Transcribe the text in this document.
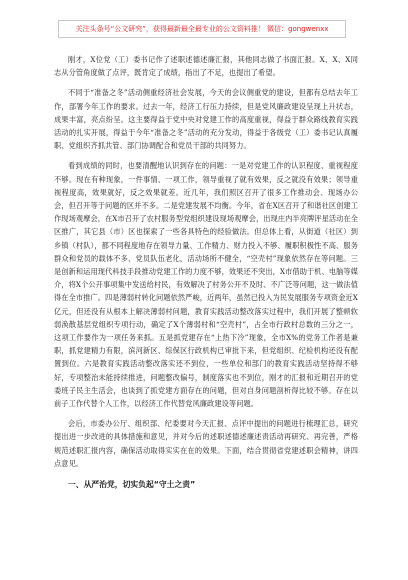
关注头条号“公文研究”，获得最新最全最专业的公文资料推！ 微信：gongwenxx

刚才，X位党（工）委书记作了述职述德述廉汇报，其他同志做了书面汇报。X、X、X同志从分管角度做了点评，既肯定了成绩，指出了不足，也提出了希望。

不同于“准备之冬”活动侧重经济社会发展，今天的会议侧重党的建设，但都有总结去年工作，部署今年工作的要求。过去一年，经济工行压力持续，但是党风廉政建设呈现上升状态，成果丰富，亮点纷呈。这主要得益于党中央对党建工作的高度重视，得益于群众路线教育实践活动的扎实开展，得益于今年“准备之冬”活动的充分发动，得益于各级党（工）委书记认真履职、党组织齐抓共管、部门协调配合和党员干部的共同努力。

看到成绩的同时，也要清醒地认识到存在的问题：一是对党建工作的认识程度、重视程度不够。现在有种现象，一件事情、一项工作，领导重视了就有效果，反之就没有效果；领导重视程度高，效果就好，反之效果就差。近几年，我们照区召开了很多工作推动会、现场办公会，但召开等于问题的区并不多。二是党建发展不均衡。今年，省在X区召开了和谐社区创建工作现场观摩会，在X市召开了农村服务型党组织建设现场观摩会，出现庄内半亮牌评星活动在全区推广，其它县（市）区也探索了一些各具特色的经验做法。但总体上看，从街道（社区）到乡镇（村队），都不同程度地存在领导力量、工作精力、财力投入不够、履职积极性不高、服务群众和党员的载体不多、党员队伍老化，活动场所不健全，“空壳村”现象依然存在等问题。三是创新和运用现代科技手段推动党建工作的力度不够，效果还不突出，X市借助于机、电脑等媒介，将X个公开事项集中发送给村民，有效解决了村务公开不及时、不广泛等问题，这一做法值得在全市推广。四是薄弱村转化问题依然严峻，近两年，虽然已投入为民发展服务专项资金近X亿元，但还没有从根本上解决薄弱村问题，教育实践活动整改落实过程中，我们开展了整顿软弱涣散基层党组织专项行动，确定了X个薄弱村和“空壳村”，占全市行政村总数的三分之一，这项工作要作为一项任务来抓。五是抓党建存在“上热下冷”现象，全市X%的党务工作者是兼职，抓党建精力有限，滨河新区、综保区行政机构已审批下来，但党组织、纪检机构还没有配置到位。六是教育实践活动整改落实还不到位，一些单位和部门的教育实践活动坚持得不够好，专项整治未能持续推进，问题整改偏号，制度落实也不到位，刚才的汇报和近期召开的党委班子民主生活会，也谈到了抓党建方面存在的问题，但对自身问题剖析得比较不够。存在以前子工作代替个人工作，以经济工作代替党风廉政建设等问题。

会后，市委办公厅、组织部、纪委要对今天汇报、点评中提出的问题进行梳理汇总，研究提出进一步改进的具体措施和意见，并对今后的述职述德述廉述责活动再研究、再完善，严格规范述职汇报内容，确保活动取得实实在在的效果。下面，结合贯彻省党建述职会精神，讲四点意见。

一、从严治党，切实负起“守土之责”
